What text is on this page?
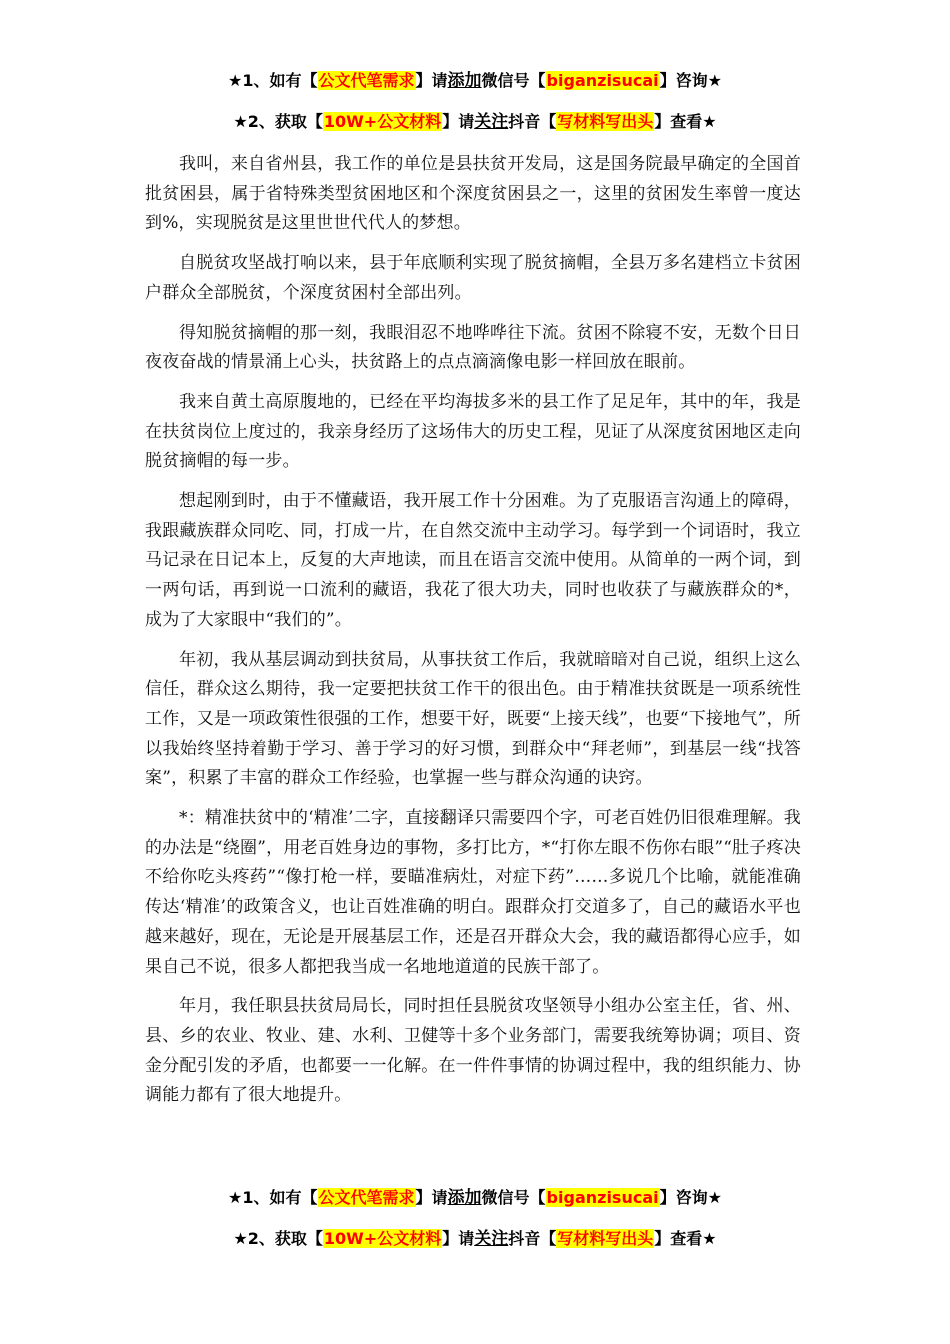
★1、如有【公文代笔需求】请添加微信号【biganzisucai】咨询★
★2、获取【10W+公文材料】请关注抖音【写材料写出头】查看★

我叫，来自省州县，我工作的单位是县扶贫开发局，这是国务院最早确定的全国首批贫困县，属于省特殊类型贫困地区和个深度贫困县之一，这里的贫困发生率曾一度达到%，实现脱贫是这里世世代代人的梦想。

自脱贫攻坚战打响以来，县于年底顺利实现了脱贫摘帽，全县万多名建档立卡贫困户群众全部脱贫，个深度贫困村全部出列。

得知脱贫摘帽的那一刻，我眼泪忍不地哗哗往下流。贫困不除寝不安，无数个日日夜夜奋战的情景涌上心头，扶贫路上的点点滴滴像电影一样回放在眼前。

我来自黄土高原腹地的，已经在平均海拔多米的县工作了足足年，其中的年，我是在扶贫岗位上度过的，我亲身经历了这场伟大的历史工程，见证了从深度贫困地区走向脱贫摘帽的每一步。

想起刚到时，由于不懂藏语，我开展工作十分困难。为了克服语言沟通上的障碍，我跟藏族群众同吃、同，打成一片，在自然交流中主动学习。每学到一个词语时，我立马记录在日记本上，反复的大声地读，而且在语言交流中使用。从简单的一两个词，到一两句话，再到说一口流利的藏语，我花了很大功夫，同时也收获了与藏族群众的*，成为了大家眼中“我们的”。

年初，我从基层调动到扶贫局，从事扶贫工作后，我就暗暗对自己说，组织上这么信任，群众这么期待，我一定要把扶贫工作干的很出色。由于精准扶贫既是一项系统性工作，又是一项政策性很强的工作，想要干好，既要“上接天线”，也要“下接地气”，所以我始终坚持着勤于学习、善于学习的好习惯，到群众中“拜老师”，到基层一线“找答案”，积累了丰富的群众工作经验，也掌握一些与群众沟通的诀窍。

*：精准扶贫中的‘精准’二字，直接翻译只需要四个字，可老百姓仍旧很难理解。我的办法是“绕圈”，用老百姓身边的事物，多打比方，*“打你左眼不伤你右眼”“肚子疼决不给你吃头疼药”“像打枪一样，要瞄准病灶，对症下药”……多说几个比喻，就能准确传达‘精准’的政策含义，也让百姓准确的明白。跟群众打交道多了，自己的藏语水平也越来越好，现在，无论是开展基层工作，还是召开群众大会，我的藏语都得心应手，如果自己不说，很多人都把我当成一名地地道道的民族干部了。

年月，我任职县扶贫局局长，同时担任县脱贫攻坚领导小组办公室主任，省、州、县、乡的农业、牧业、建、水利、卫健等十多个业务部门，需要我统筹协调；项目、资金分配引发的矛盾，也都要一一化解。在一件件事情的协调过程中，我的组织能力、协调能力都有了很大地提升。

★1、如有【公文代笔需求】请添加微信号【biganzisucai】咨询★
★2、获取【10W+公文材料】请关注抖音【写材料写出头】查看★
